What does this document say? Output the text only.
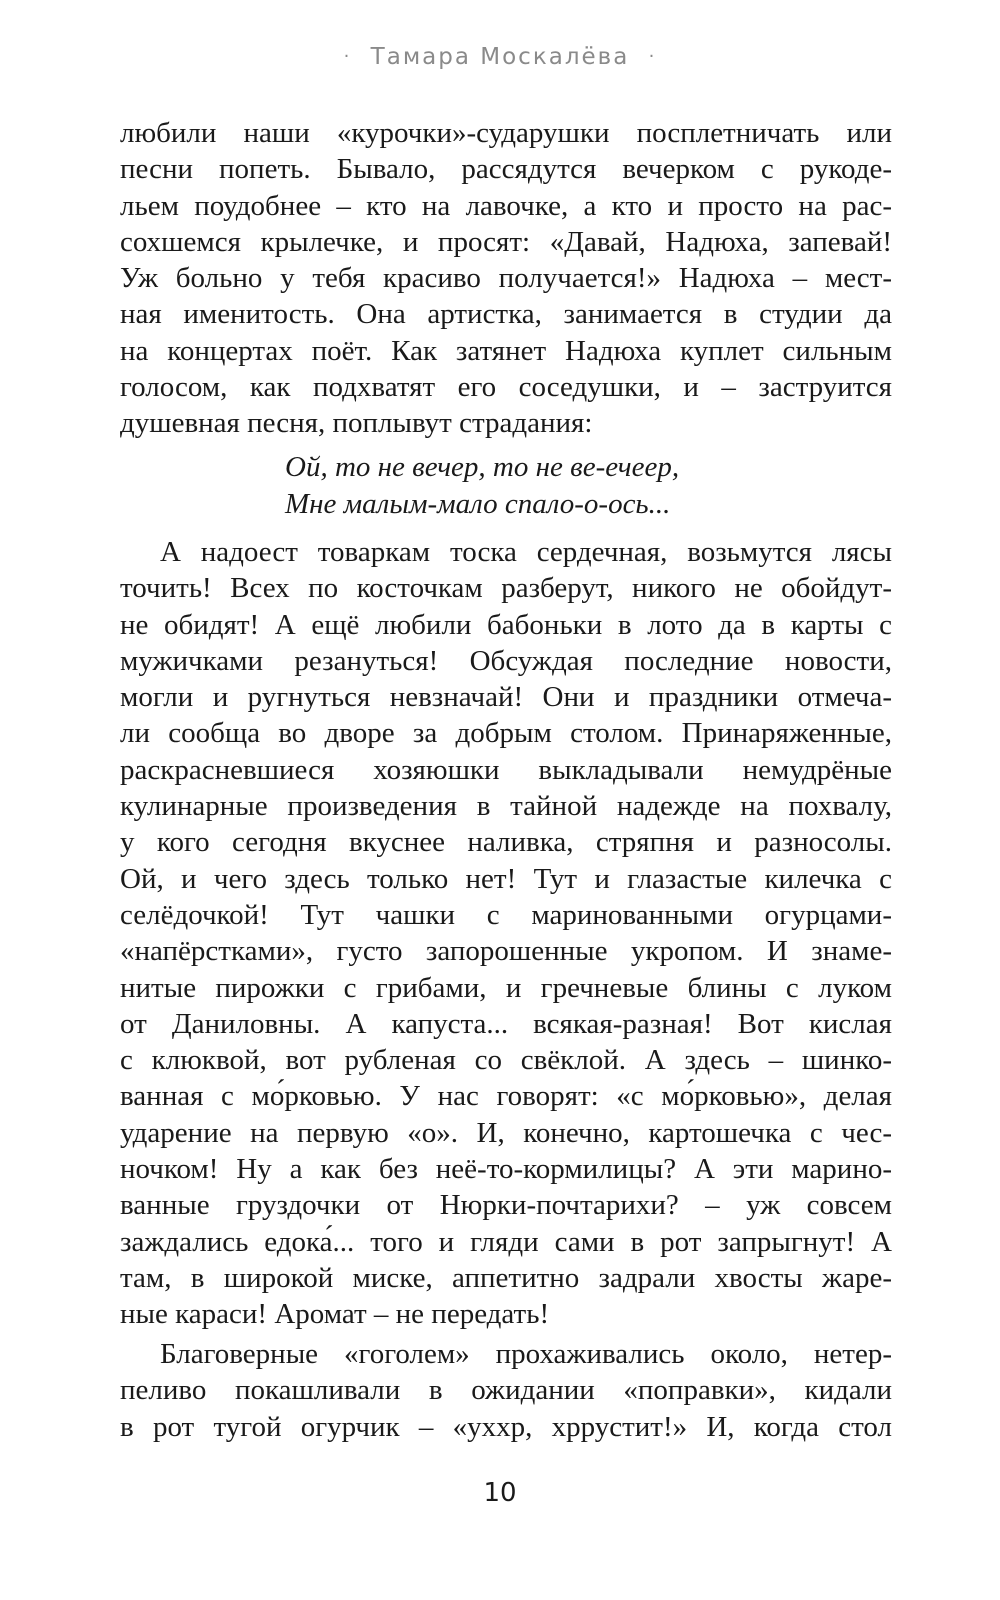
· Тамара Москалёва ·
любили наши «курочки»-сударушки посплетничать или
песни попеть. Бывало, рассядутся вечерком с рукоде-
льем поудобнее – кто на лавочке, а кто и просто на рас-
сохшемся крылечке, и просят: «Давай, Надюха, запевай!
Уж больно у тебя красиво получается!» Надюха – мест-
ная именитость. Она артистка, занимается в студии да
на концертах поёт. Как затянет Надюха куплет сильным
голосом, как подхватят его соседушки, и – заструится
душевная песня, поплывут страдания:
Ой, то не вечер, то не ве-ечеер,
Мне малым-мало спало-о-ось...
А надоест товаркам тоска сердечная, возьмутся лясы
точить! Всех по косточкам разберут, никого не обойдут-
не обидят! А ещё любили бабоньки в лото да в карты с
мужичками резануться! Обсуждая последние новости,
могли и ругнуться невзначай! Они и праздники отмеча-
ли сообща во дворе за добрым столом. Принаряженные,
раскрасневшиеся хозяюшки выкладывали немудрёные
кулинарные произведения в тайной надежде на похвалу,
у кого сегодня вкуснее наливка, стряпня и разносолы.
Ой, и чего здесь только нет! Тут и глазастые килечка с
селёдочкой! Тут чашки с маринованными огурцами-
«напёрстками», густо запорошенные укропом. И знаме-
нитые пирожки с грибами, и гречневые блины с луком
от Даниловны. А капуста... всякая-разная! Вот кислая
с клюквой, вот рубленая со свёклой. А здесь – шинко-
ванная с мо́рковью. У нас говорят: «с мо́рковью», делая
ударение на первую «о». И, конечно, картошечка с чес-
ночком! Ну а как без неё-то-кормилицы? А эти марино-
ванные груздочки от Нюрки-почтарихи? – уж совсем
заждались едока́... того и гляди сами в рот запрыгнут! А
там, в широкой миске, аппетитно задрали хвосты жаре-
ные караси! Аромат – не передать!
Благоверные «гоголем» прохаживались около, нетер-
пеливо покашливали в ожидании «поправки», кидали
в рот тугой огурчик – «уххр, хррустит!» И, когда стол
10
